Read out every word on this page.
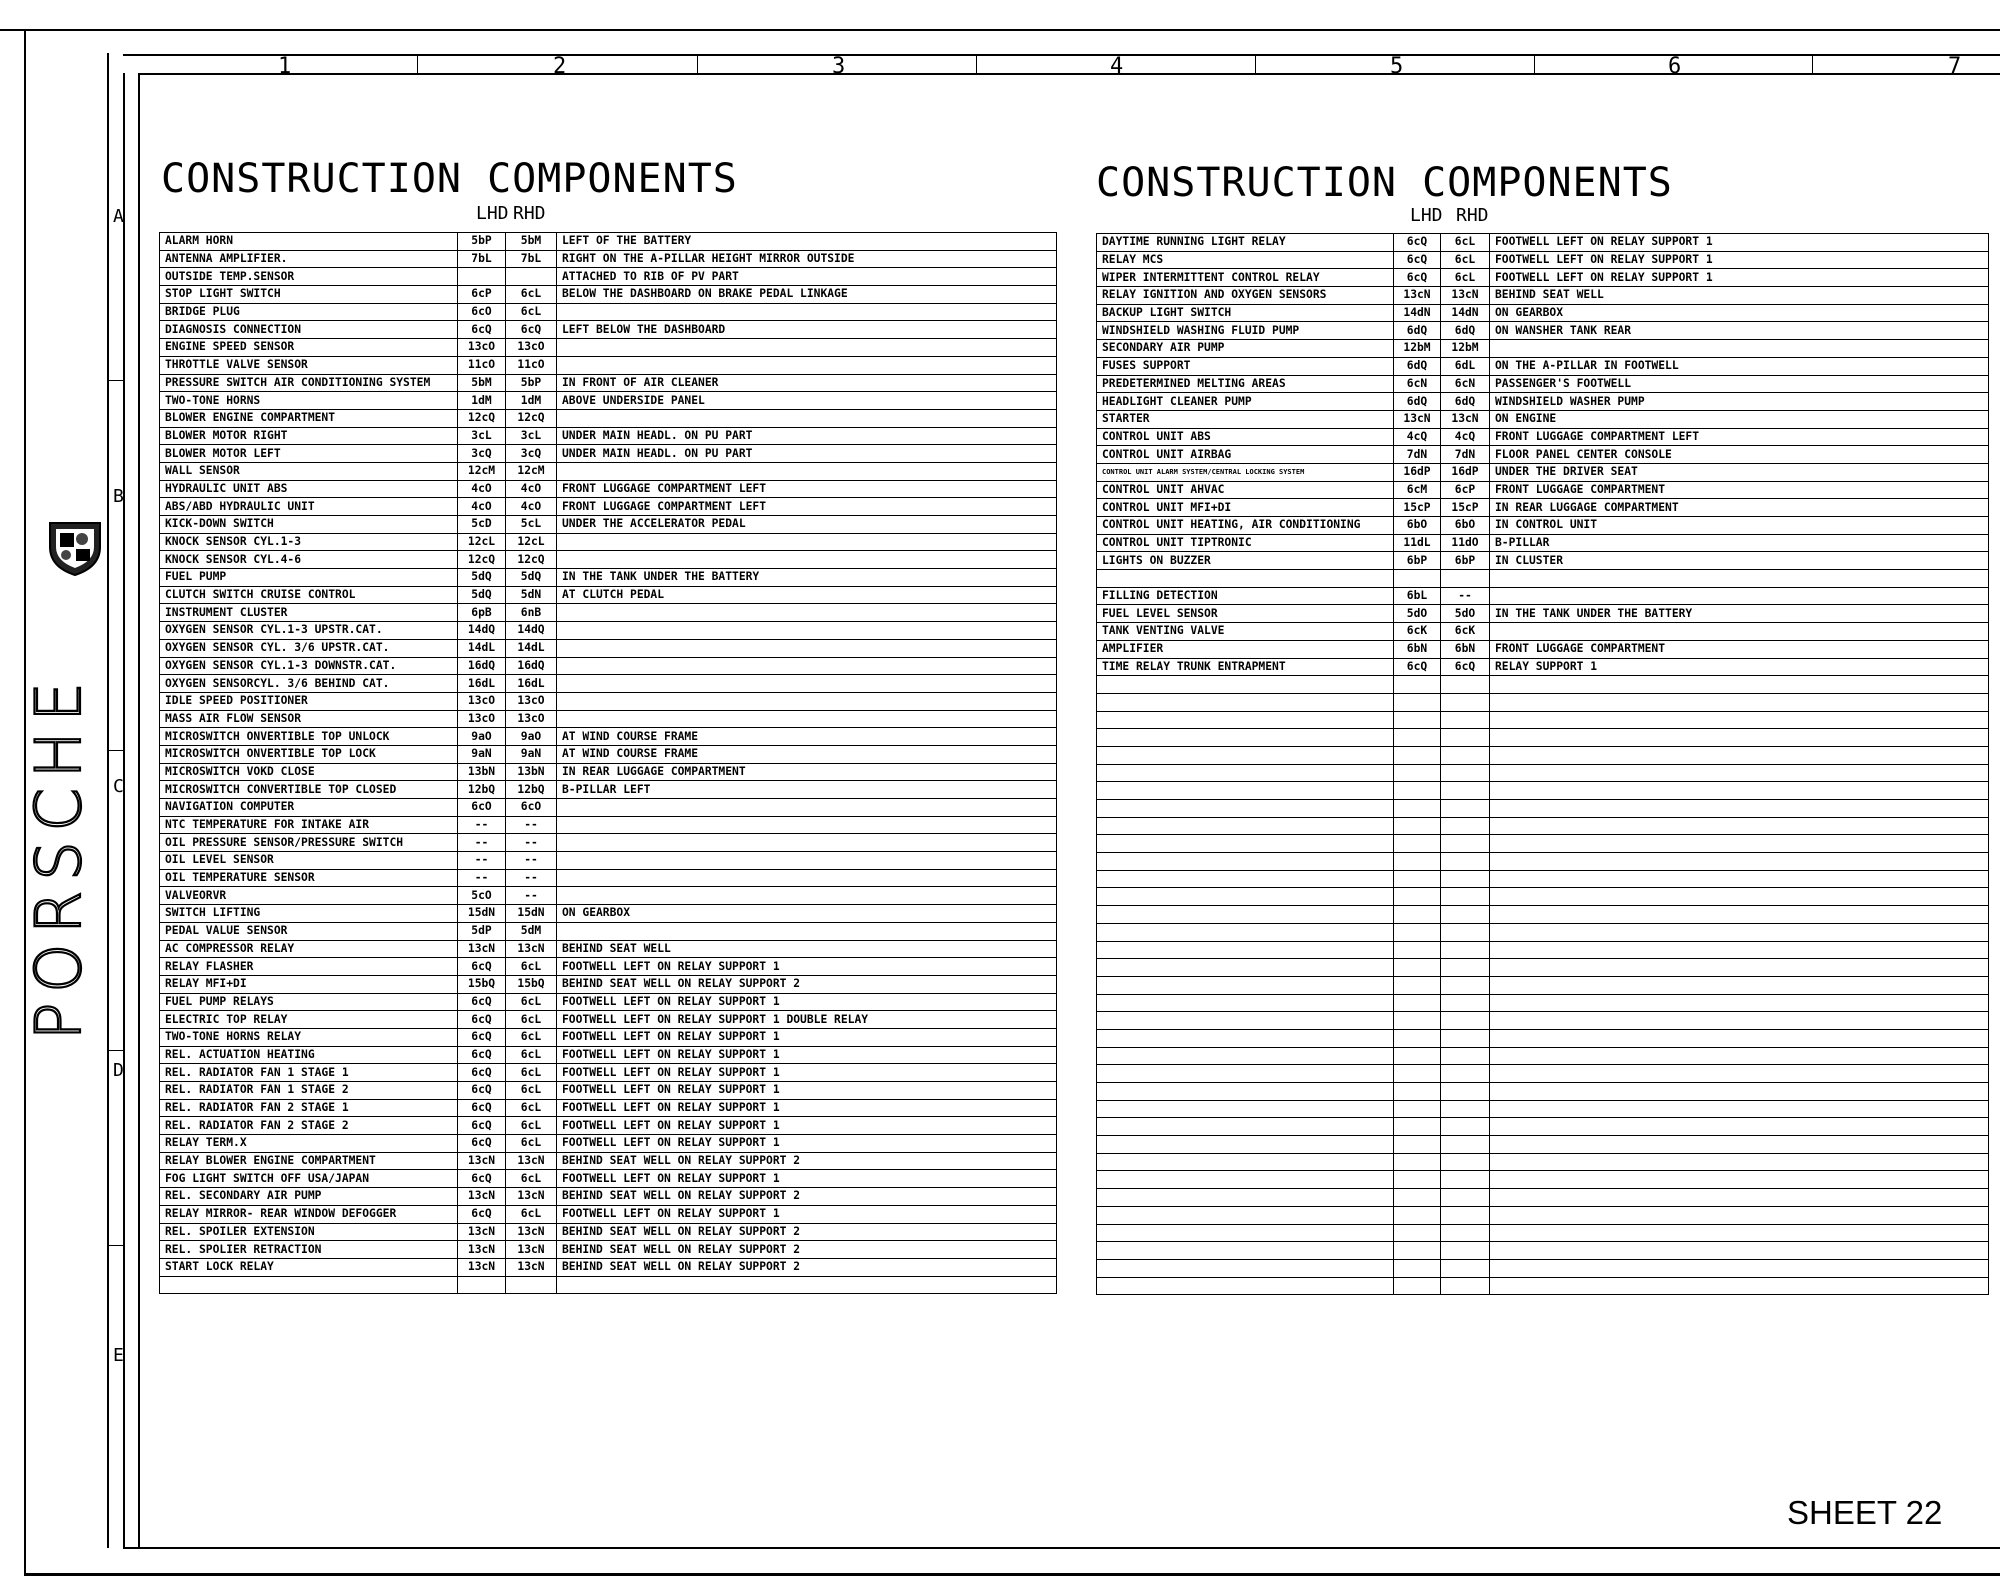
1	2	3	4	5	6	7
A
B
C
D
E
PORSCHE
CONSTRUCTION COMPONENTS
LHD RHD
CONSTRUCTION COMPONENTS
LHD RHD
ALARM HORN	5bP	5bM	LEFT OF THE BATTERY
ANTENNA AMPLIFIER.	7bL	7bL	RIGHT ON THE A-PILLAR HEIGHT MIRROR OUTSIDE
OUTSIDE TEMP.SENSOR			ATTACHED TO RIB OF PV PART
STOP LIGHT SWITCH	6cP	6cL	BELOW THE DASHBOARD ON BRAKE PEDAL LINKAGE
BRIDGE PLUG	6cO	6cL	
DIAGNOSIS CONNECTION	6cQ	6cQ	LEFT BELOW THE DASHBOARD
ENGINE SPEED SENSOR	13cO	13cO	
THROTTLE VALVE SENSOR	11cO	11cO	
PRESSURE SWITCH AIR CONDITIONING SYSTEM	5bM	5bP	IN FRONT OF AIR CLEANER
TWO-TONE HORNS	1dM	1dM	ABOVE UNDERSIDE PANEL
BLOWER ENGINE COMPARTMENT	12cQ	12cQ	
BLOWER MOTOR RIGHT	3cL	3cL	UNDER MAIN HEADL. ON PU PART
BLOWER MOTOR LEFT	3cQ	3cQ	UNDER MAIN HEADL. ON PU PART
WALL SENSOR	12cM	12cM	
HYDRAULIC UNIT ABS	4cO	4cO	FRONT LUGGAGE COMPARTMENT LEFT
ABS/ABD HYDRAULIC UNIT	4cO	4cO	FRONT LUGGAGE COMPARTMENT LEFT
KICK-DOWN SWITCH	5cD	5cL	UNDER THE ACCELERATOR PEDAL
KNOCK SENSOR CYL.1-3	12cL	12cL	
KNOCK SENSOR CYL.4-6	12cQ	12cQ	
FUEL PUMP	5dQ	5dQ	IN THE TANK UNDER THE BATTERY
CLUTCH SWITCH CRUISE CONTROL	5dQ	5dN	AT CLUTCH PEDAL
INSTRUMENT CLUSTER	6pB	6nB	
OXYGEN SENSOR CYL.1-3 UPSTR.CAT.	14dQ	14dQ	
OXYGEN SENSOR CYL. 3/6 UPSTR.CAT.	14dL	14dL	
OXYGEN SENSOR CYL.1-3 DOWNSTR.CAT.	16dQ	16dQ	
OXYGEN SENSORCYL. 3/6 BEHIND CAT.	16dL	16dL	
IDLE SPEED POSITIONER	13cO	13cO	
MASS AIR FLOW SENSOR	13cO	13cO	
MICROSWITCH ONVERTIBLE TOP UNLOCK	9aO	9aO	AT WIND COURSE FRAME
MICROSWITCH ONVERTIBLE TOP LOCK	9aN	9aN	AT WIND COURSE FRAME
MICROSWITCH VOKD CLOSE	13bN	13bN	IN REAR LUGGAGE COMPARTMENT
MICROSWITCH CONVERTIBLE TOP CLOSED	12bQ	12bQ	B-PILLAR LEFT
NAVIGATION COMPUTER	6cO	6cO	
NTC TEMPERATURE FOR INTAKE AIR	--	--	
OIL PRESSURE SENSOR/PRESSURE SWITCH	--	--	
OIL LEVEL SENSOR	--	--	
OIL TEMPERATURE SENSOR	--	--	
VALVEORVR	5cO	--	
SWITCH LIFTING	15dN	15dN	ON GEARBOX
PEDAL VALUE SENSOR	5dP	5dM	
AC COMPRESSOR RELAY	13cN	13cN	BEHIND SEAT WELL
RELAY FLASHER	6cQ	6cL	FOOTWELL LEFT ON RELAY SUPPORT 1
RELAY MFI+DI	15bQ	15bQ	BEHIND SEAT WELL ON RELAY SUPPORT 2
FUEL PUMP RELAYS	6cQ	6cL	FOOTWELL LEFT ON RELAY SUPPORT 1
ELECTRIC TOP RELAY	6cQ	6cL	FOOTWELL LEFT ON RELAY SUPPORT 1 DOUBLE RELAY
TWO-TONE HORNS RELAY	6cQ	6cL	FOOTWELL LEFT ON RELAY SUPPORT 1
REL. ACTUATION HEATING	6cQ	6cL	FOOTWELL LEFT ON RELAY SUPPORT 1
REL. RADIATOR FAN 1 STAGE 1	6cQ	6cL	FOOTWELL LEFT ON RELAY SUPPORT 1
REL. RADIATOR FAN 1 STAGE 2	6cQ	6cL	FOOTWELL LEFT ON RELAY SUPPORT 1
REL. RADIATOR FAN 2 STAGE 1	6cQ	6cL	FOOTWELL LEFT ON RELAY SUPPORT 1
REL. RADIATOR FAN 2 STAGE 2	6cQ	6cL	FOOTWELL LEFT ON RELAY SUPPORT 1
RELAY TERM.X	6cQ	6cL	FOOTWELL LEFT ON RELAY SUPPORT 1
RELAY BLOWER ENGINE COMPARTMENT	13cN	13cN	BEHIND SEAT WELL ON RELAY SUPPORT 2
FOG LIGHT SWITCH OFF USA/JAPAN	6cQ	6cL	FOOTWELL LEFT ON RELAY SUPPORT 1
REL. SECONDARY AIR PUMP	13cN	13cN	BEHIND SEAT WELL ON RELAY SUPPORT 2
RELAY MIRROR- REAR WINDOW DEFOGGER	6cQ	6cL	FOOTWELL LEFT ON RELAY SUPPORT 1
REL. SPOILER EXTENSION	13cN	13cN	BEHIND SEAT WELL ON RELAY SUPPORT 2
REL. SPOLIER RETRACTION	13cN	13cN	BEHIND SEAT WELL ON RELAY SUPPORT 2
START LOCK RELAY	13cN	13cN	BEHIND SEAT WELL ON RELAY SUPPORT 2

DAYTIME RUNNING LIGHT RELAY	6cQ	6cL	FOOTWELL LEFT ON RELAY SUPPORT 1
RELAY MCS	6cQ	6cL	FOOTWELL LEFT ON RELAY SUPPORT 1
WIPER INTERMITTENT CONTROL RELAY	6cQ	6cL	FOOTWELL LEFT ON RELAY SUPPORT 1
RELAY IGNITION AND OXYGEN SENSORS	13cN	13cN	BEHIND SEAT WELL
BACKUP LIGHT SWITCH	14dN	14dN	ON GEARBOX
WINDSHIELD WASHING FLUID PUMP	6dQ	6dQ	ON WANSHER TANK REAR
SECONDARY AIR PUMP	12bM	12bM	
FUSES SUPPORT	6dQ	6dL	ON THE A-PILLAR IN FOOTWELL
PREDETERMINED MELTING AREAS	6cN	6cN	PASSENGER'S FOOTWELL
HEADLIGHT CLEANER PUMP	6dQ	6dQ	WINDSHIELD WASHER PUMP
STARTER	13cN	13cN	ON ENGINE
CONTROL UNIT ABS	4cQ	4cQ	FRONT LUGGAGE COMPARTMENT LEFT
CONTROL UNIT AIRBAG	7dN	7dN	FLOOR PANEL CENTER CONSOLE
CONTROL UNIT ALARM SYSTEM/CENTRAL LOCKING SYSTEM	16dP	16dP	UNDER THE DRIVER SEAT
CONTROL UNIT AHVAC	6cM	6cP	FRONT LUGGAGE COMPARTMENT
CONTROL UNIT MFI+DI	15cP	15cP	IN REAR LUGGAGE COMPARTMENT
CONTROL UNIT HEATING, AIR CONDITIONING	6bO	6bO	IN CONTROL UNIT
CONTROL UNIT TIPTRONIC	11dL	11dO	B-PILLAR
LIGHTS ON BUZZER	6bP	6bP	IN CLUSTER

FILLING DETECTION	6bL	--	
FUEL LEVEL SENSOR	5dO	5dO	IN THE TANK UNDER THE BATTERY
TANK VENTING VALVE	6cK	6cK	
AMPLIFIER	6bN	6bN	FRONT LUGGAGE COMPARTMENT
TIME RELAY TRUNK ENTRAPMENT	6cQ	6cQ	RELAY SUPPORT 1

SHEET 22
